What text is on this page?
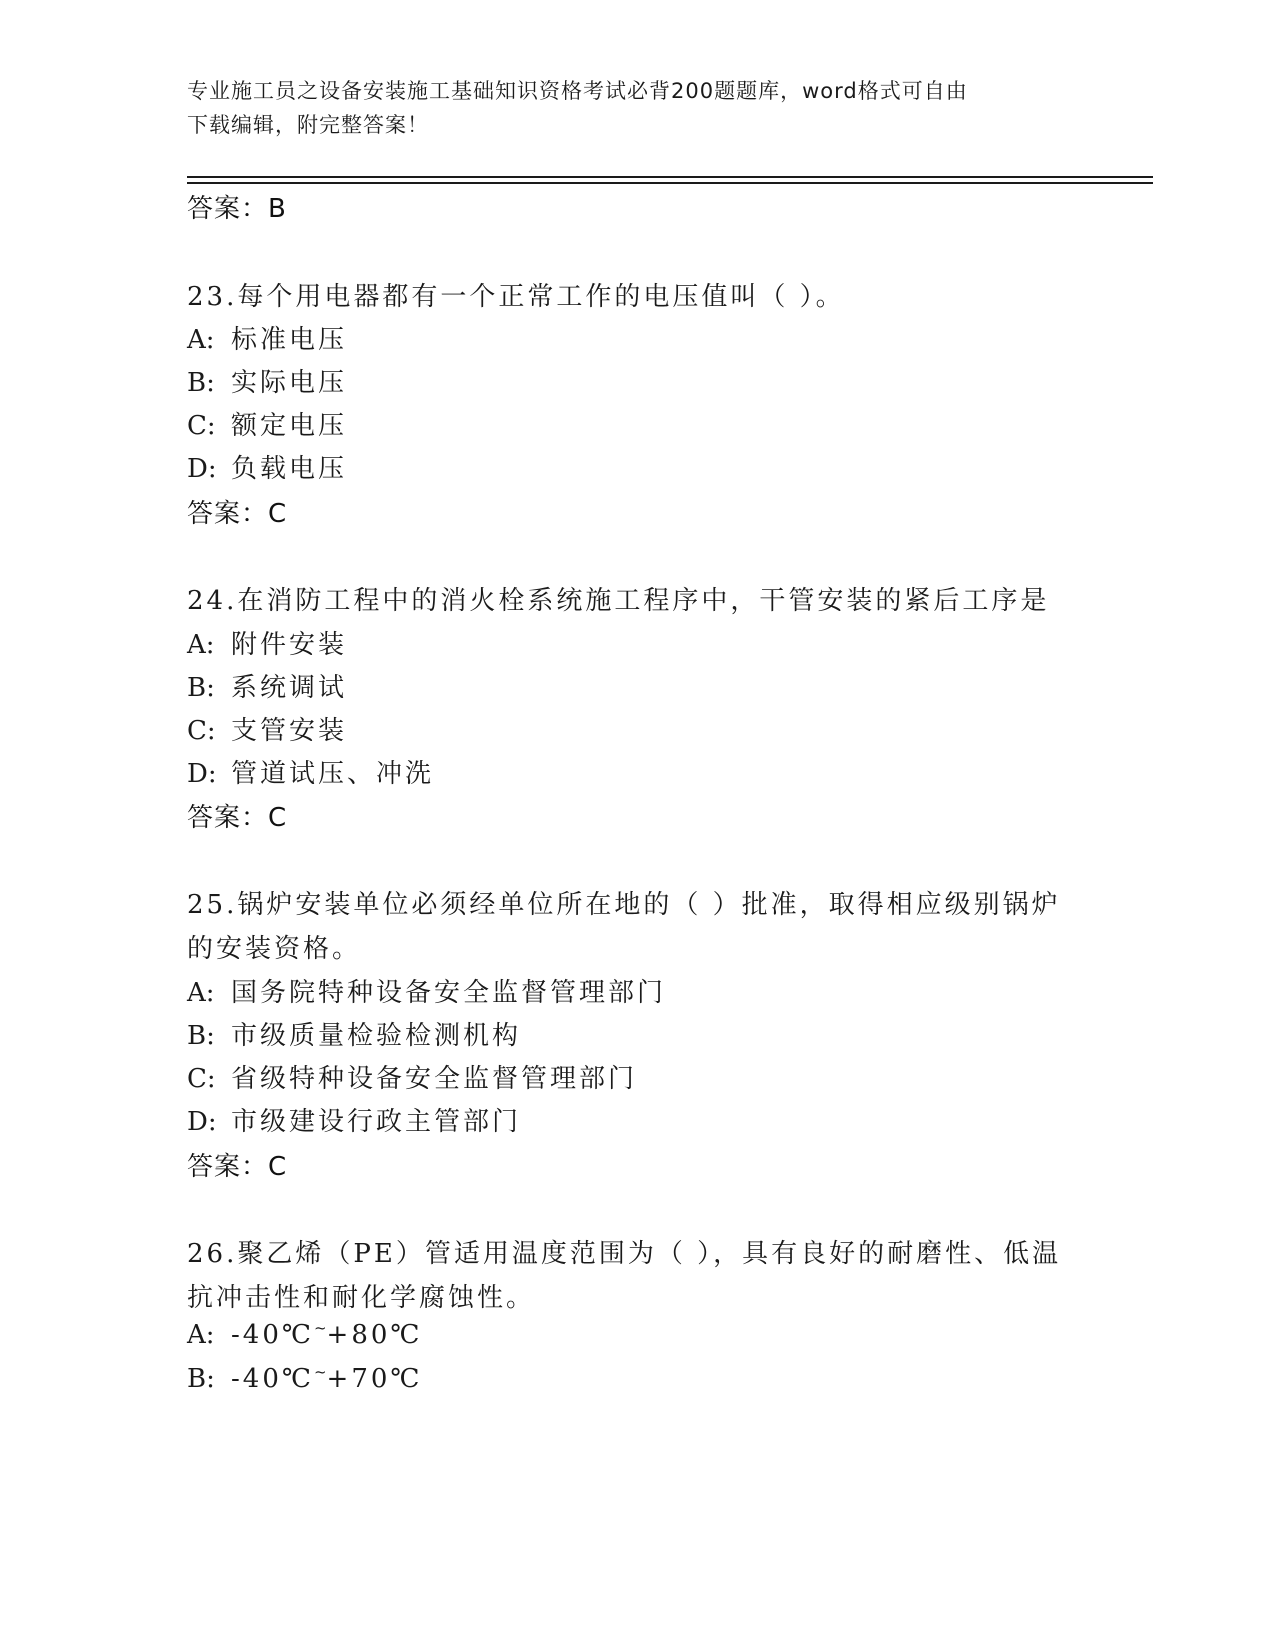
专业施工员之设备安装施工基础知识资格考试必背200题题库，word格式可自由
下载编辑，附完整答案！
答案：B
23.每个用电器都有一个正常工作的电压值叫（ ）。
A: 标准电压
B: 实际电压
C: 额定电压
D: 负载电压
答案：C
24.在消防工程中的消火栓系统施工程序中，干管安装的紧后工序是
A: 附件安装
B: 系统调试
C: 支管安装
D: 管道试压、冲洗
答案：C
25.锅炉安装单位必须经单位所在地的（ ）批准，取得相应级别锅炉
的安装资格。
A: 国务院特种设备安全监督管理部门
B: 市级质量检验检测机构
C: 省级特种设备安全监督管理部门
D: 市级建设行政主管部门
答案：C
26.聚乙烯（PE）管适用温度范围为（ ），具有良好的耐磨性、低温
抗冲击性和耐化学腐蚀性。
A: -40℃~+80℃
B: -40℃~+70℃
